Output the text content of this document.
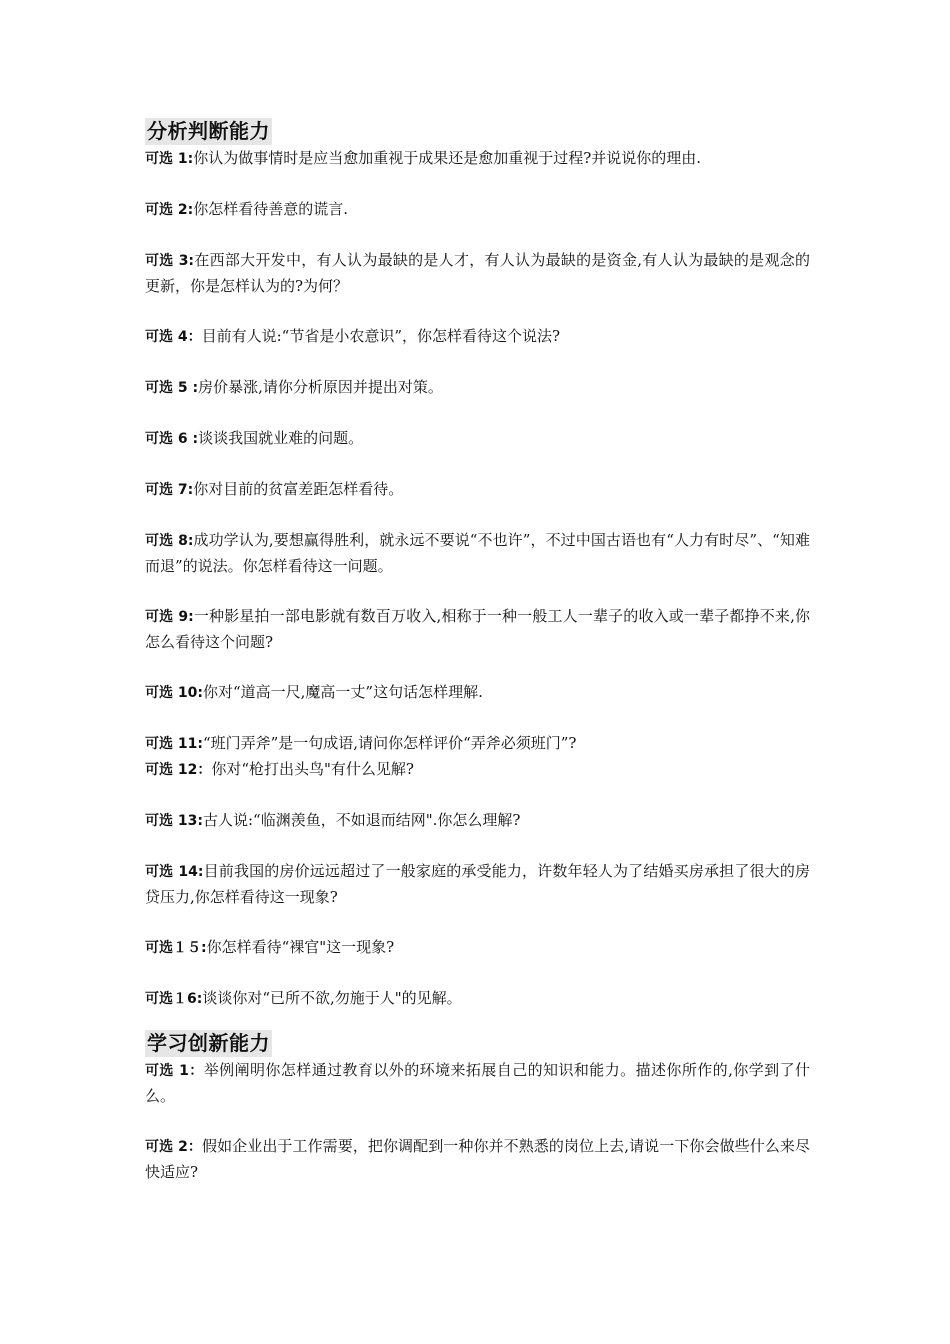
分析判断能力

可选 1:你认为做事情时是应当愈加重视于成果还是愈加重视于过程?并说说你的理由.

可选 2:你怎样看待善意的谎言.

可选 3:在西部大开发中，有人认为最缺的是人才，有人认为最缺的是资金,有人认为最缺的是观念的更新，你是怎样认为的?为何？

可选 4：目前有人说:“节省是小农意识”，你怎样看待这个说法?

可选 5 :房价暴涨,请你分析原因并提出对策。

可选 6 :谈谈我国就业难的问题。

可选 7:你对目前的贫富差距怎样看待。

可选 8:成功学认为,要想赢得胜利，就永远不要说“不也许”，不过中国古语也有“人力有时尽”、“知难而退”的说法。你怎样看待这一问题。

可选 9:一种影星拍一部电影就有数百万收入,相称于一种一般工人一辈子的收入或一辈子都挣不来,你怎么看待这个问题?

可选 10:你对“道高一尺,魔高一丈”这句话怎样理解.

可选 11:“班门弄斧”是一句成语,请问你怎样评价“弄斧必须班门”?

可选 12：你对“枪打出头鸟"有什么见解?

可选 13:古人说:“临渊羡鱼，不如退而结网".你怎么理解?

可选 14:目前我国的房价远远超过了一般家庭的承受能力，许数年轻人为了结婚买房承担了很大的房贷压力,你怎样看待这一现象?

可选１５:你怎样看待“裸官"这一现象?

可选１6:谈谈你对“已所不欲,勿施于人"的见解。

学习创新能力

可选 1：举例阐明你怎样通过教育以外的环境来拓展自己的知识和能力。描述你所作的,你学到了什么。

可选 2：假如企业出于工作需要，把你调配到一种你并不熟悉的岗位上去,请说一下你会做些什么来尽快适应?
